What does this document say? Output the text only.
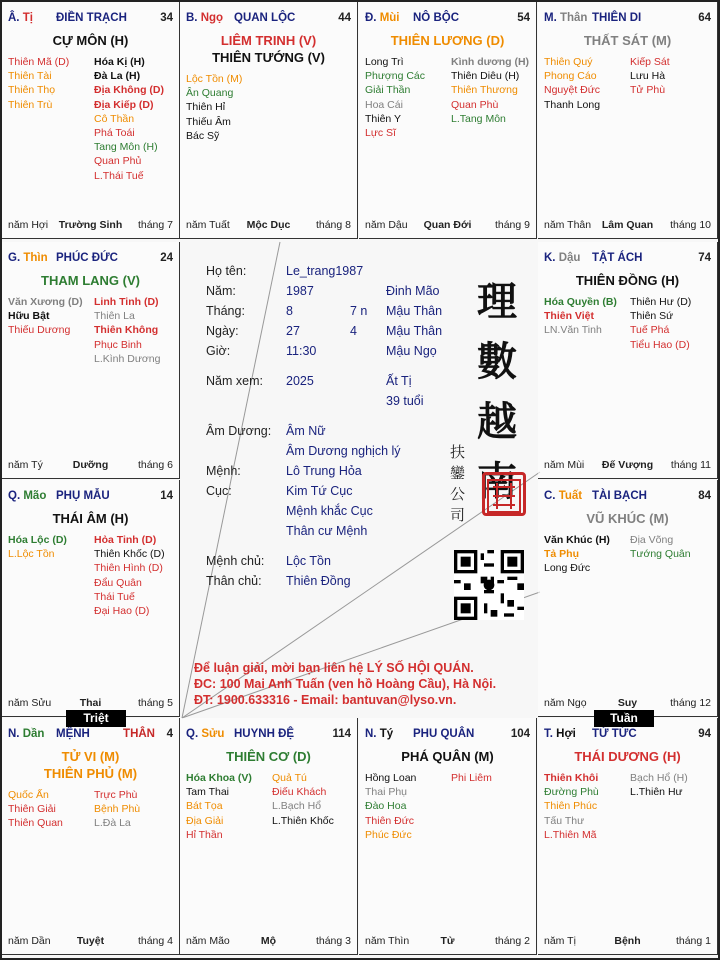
Â. Tị ĐIỀN TRẠCH	34
CỰ MÔN (H)
Thiên Mã (D)
Thiên Tài
Thiên Thọ
Thiên Trù
Hóa Kị (H)
Đà La (H)
Địa Không (D)
Địa Kiếp (D)
Cô Thần
Phá Toái
Tang Môn (H)
Quan Phủ
L.Thái Tuế
năm Hợi	Trường Sinh	tháng 7
B. Ngọ QUAN LỘC	44
LIÊM TRINH (V)
THIÊN TƯỚNG (V)
Lộc Tồn (M)
Ân Quang
Thiên Hỉ
Thiếu Âm
Bác Sỹ
năm Tuất	Mộc Dục	tháng 8
Đ. Mùi NÔ BỘC	54
THIÊN LƯƠNG (D)
Long Trì
Phượng Các
Giải Thần
Hoa Cái
Thiên Y
Lực Sĩ
Kình dương (H)
Thiên Diêu (H)
Thiên Thương
Quan Phù
L.Tang Môn
năm Dậu	Quan Đới	tháng 9
M. Thân THIÊN DI	64
THẤT SÁT (M)
Thiên Quý
Phong Cáo
Nguyệt Đức
Thanh Long
Kiếp Sát
Lưu Hà
Tử Phù
năm Thân	Lâm Quan	tháng 10
G. Thìn PHÚC ĐỨC	24
THAM LANG (V)
Văn Xương (D)
Hữu Bật
Thiếu Dương
Linh Tinh (D)
Thiên La
Thiên Không
Phục Binh
L.Kình Dương
năm Tý	Dưỡng	tháng 6
K. Dậu TẬT ÁCH	74
THIÊN ĐỒNG (H)
Hóa Quyền (B)
Thiên Việt
LN.Văn Tinh
Thiên Hư (D)
Thiên Sứ
Tuế Phá
Tiểu Hao (D)
năm Mùi	Đế Vượng	tháng 11
Q. Mão PHỤ MẪU	14
THÁI ÂM (H)
Hóa Lộc (D)
L.Lộc Tồn
Hỏa Tinh (D)
Thiên Khốc (D)
Thiên Hình (D)
Đẩu Quân
Thái Tuế
Đại Hao (D)
năm Sửu	Thai	tháng 5
C. Tuất TÀI BẠCH	84
VŨ KHÚC (M)
Văn Khúc (H)
Tả Phụ
Long Đức
Địa Võng
Tướng Quân
năm Ngọ	Suy	tháng 12
N. Dần MỆNH	4
THÂN
TỬ VI (M)
THIÊN PHỦ (M)
Quốc Ấn
Thiên Giải
Thiên Quan
Trực Phù
Bệnh Phù
L.Đà La
năm Dần	Tuyệt	tháng 4
Q. Sửu HUYNH ĐỆ	114
THIÊN CƠ (D)
Hóa Khoa (V)
Tam Thai
Bát Tọa
Địa Giải
Hỉ Thần
Quả Tú
Điếu Khách
L.Bạch Hổ
L.Thiên Khốc
năm Mão	Mộ	tháng 3
N. Tý PHU QUÂN	104
PHÁ QUÂN (M)
Hồng Loan
Thai Phụ
Đào Hoa
Thiên Đức
Phúc Đức
Phi Liêm
năm Thìn	Tử	tháng 2
T. Hợi TỬ TỨC	94
THÁI DƯƠNG (H)
Thiên Khôi
Đường Phù
Thiên Phúc
Tấu Thư
L.Thiên Mã
Bạch Hổ (H)
L.Thiên Hư
năm Tị	Bệnh	tháng 1
Triệt	Tuần
Họ tên:	Le_trang1987
Năm:	1987	Đinh Mão
Tháng:	8	7 n Mậu Thân
Ngày:	27	4 Mậu Thân
Giờ:	11:30	Mậu Ngọ
Năm xem: 2025	Ất Tị
39 tuổi
Âm Dương: Âm Nữ
Âm Dương nghịch lý
Mệnh:	Lô Trung Hỏa
Cục:	Kim Tứ Cục
Mệnh khắc Cục
Thân cư Mệnh
Mệnh chủ: Lộc Tồn
Thân chủ: Thiên Đồng
理數越南
扶鑾公司
Để luận giải, mời bạn liên hệ LÝ SỐ HỘI QUÁN.
ĐC: 100 Mai Anh Tuấn (ven hồ Hoàng Cầu), Hà Nội.
ĐT: 1900.633316 - Email: bantuvan@lyso.vn.
